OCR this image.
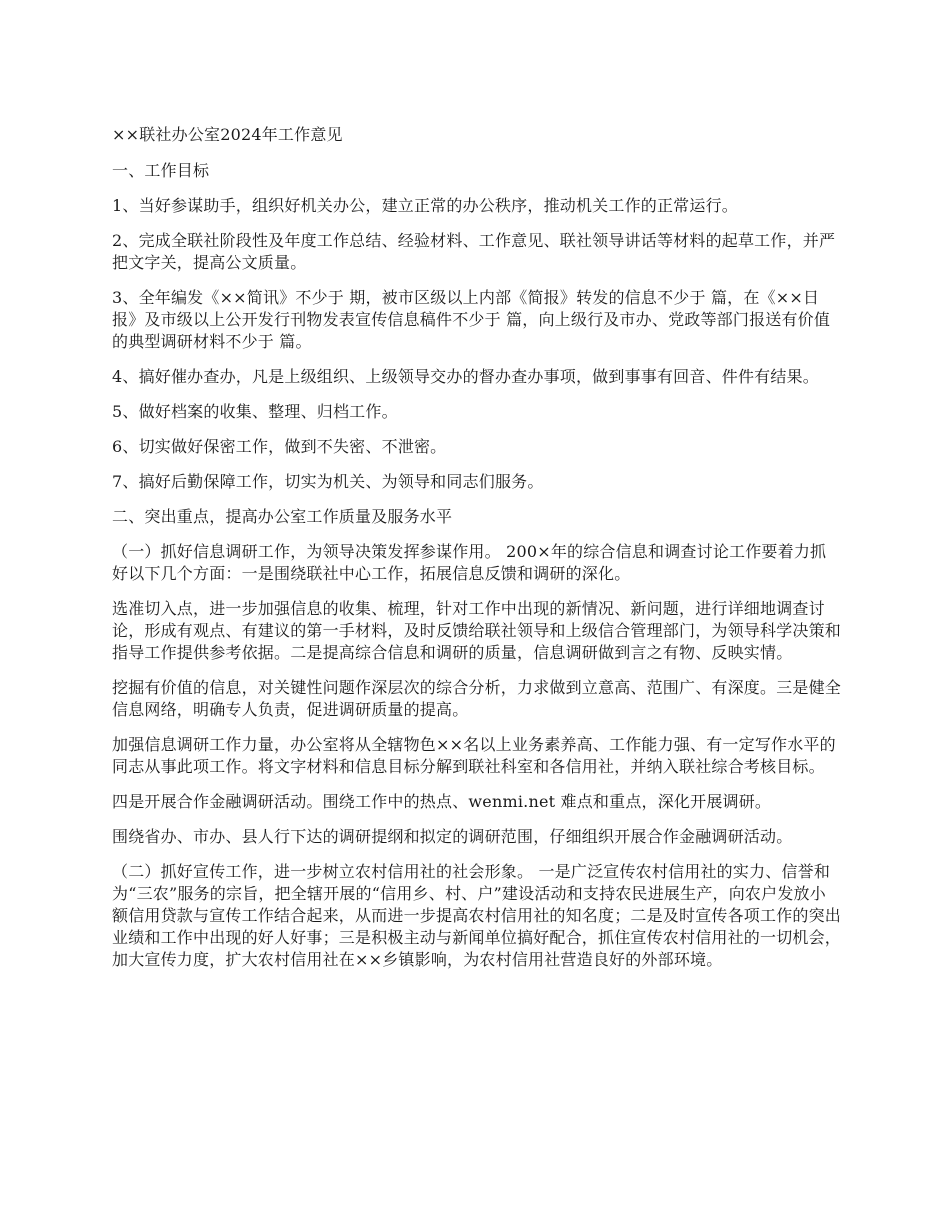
××联社办公室2024年工作意见

一、工作目标

1、当好参谋助手，组织好机关办公，建立正常的办公秩序，推动机关工作的正常运行。

2、完成全联社阶段性及年度工作总结、经验材料、工作意见、联社领导讲话等材料的起草工作，并严把文字关，提高公文质量。

3、全年编发《××简讯》不少于 期，被市区级以上内部《简报》转发的信息不少于 篇，在《××日报》及市级以上公开发行刊物发表宣传信息稿件不少于 篇，向上级行及市办、党政等部门报送有价值的典型调研材料不少于 篇。

4、搞好催办查办，凡是上级组织、上级领导交办的督办查办事项，做到事事有回音、件件有结果。

5、做好档案的收集、整理、归档工作。

6、切实做好保密工作，做到不失密、不泄密。

7、搞好后勤保障工作，切实为机关、为领导和同志们服务。

二、突出重点，提高办公室工作质量及服务水平

（一）抓好信息调研工作，为领导决策发挥参谋作用。 200×年的综合信息和调查讨论工作要着力抓好以下几个方面：一是围绕联社中心工作，拓展信息反馈和调研的深化。

选准切入点，进一步加强信息的收集、梳理，针对工作中出现的新情况、新问题，进行详细地调查讨论，形成有观点、有建议的第一手材料，及时反馈给联社领导和上级信合管理部门，为领导科学决策和指导工作提供参考依据。二是提高综合信息和调研的质量，信息调研做到言之有物、反映实情。

挖掘有价值的信息，对关键性问题作深层次的综合分析，力求做到立意高、范围广、有深度。三是健全信息网络，明确专人负责，促进调研质量的提高。

加强信息调研工作力量，办公室将从全辖物色××名以上业务素养高、工作能力强、有一定写作水平的同志从事此项工作。将文字材料和信息目标分解到联社科室和各信用社，并纳入联社综合考核目标。

四是开展合作金融调研活动。围绕工作中的热点、wenmi.net 难点和重点，深化开展调研。

围绕省办、市办、县人行下达的调研提纲和拟定的调研范围，仔细组织开展合作金融调研活动。

（二）抓好宣传工作，进一步树立农村信用社的社会形象。 一是广泛宣传农村信用社的实力、信誉和为“三农”服务的宗旨，把全辖开展的“信用乡、村、户”建设活动和支持农民进展生产，向农户发放小额信用贷款与宣传工作结合起来，从而进一步提高农村信用社的知名度；二是及时宣传各项工作的突出业绩和工作中出现的好人好事；三是积极主动与新闻单位搞好配合，抓住宣传农村信用社的一切机会，加大宣传力度，扩大农村信用社在××乡镇影响，为农村信用社营造良好的外部环境。
